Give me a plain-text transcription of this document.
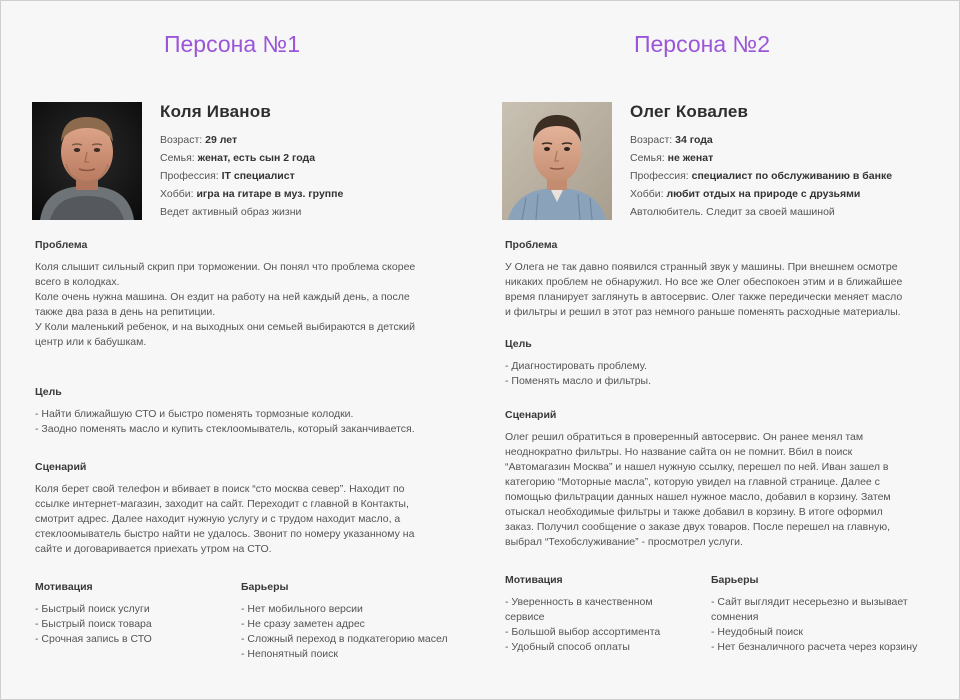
Персона №1
Коля Иванов
Возраст: 29 лет
Семья: женат, есть сын 2 года
Профессия: IT специалист
Хобби: игра на гитаре в муз. группе
Ведет активный образ жизни
Проблема

Коля слышит сильный скрип при торможении. Он понял что проблема скорее
всего в колодках.
Коле очень нужна машина. Он ездит на работу на ней каждый день, а после
также два раза в день на репитиции.
У Коли маленький ребенок, и на выходных они семьей выбираются в детский
центр или к бабушкам.

Цель
- Найти ближайшую СТО и быстро поменять тормозные колодки.
- Заодно поменять масло и купить стеклоомыватель, который заканчивается.
Сценарий

Коля берет свой телефон и вбивает в поиск “сто москва север”. Находит по
ссылке интернет-магазин, заходит на сайт. Переходит с главной в Контакты,
смотрит адрес. Далее находит нужную услугу и с трудом находит масло, а
стеклоомыватель быстро найти не удалось. Звонит по номеру указанному на
сайте и договаривается приехать утром на СТО.

Мотивация
- Быстрый поиск услуги
- Быстрый поиск товара
- Срочная запись в СТО
Барьеры
- Нет мобильного версии
- Не сразу заметен адрес
- Сложный переход в подкатегорию масел
- Непонятный поиск
Персона №2
Олег Ковалев
Возраст: 34 года
Семья: не женат
Профессия: специалист по обслуживанию в банке
Хобби: любит отдых на природе с друзьями
Автолюбитель. Следит за своей машиной
Проблема

У Олега не так давно появился странный звук у машины. При внешнем осмотре
никаких проблем не обнаружил. Но все же Олег обеспокоен этим и в ближайшее
время планирует заглянуть в автосервис. Олег также передически меняет масло
и фильтры и решил в этот раз немного раньше поменять расходные материалы.

Цель
- Диагностировать проблему.
- Поменять масло и фильтры.
Сценарий

Олег решил обратиться в проверенный автосервис. Он ранее менял там
неоднократно фильтры. Но название сайта он не помнит. Вбил в поиск
“Автомагазин Москва” и нашел нужную ссылку, перешел по ней. Иван зашел в
категорию “Моторные масла”, которую увидел на главной странице. Далее с
помощью фильтрации данных нашел нужное масло, добавил в корзину. Затем
отыскал необходимые фильтры и также добавил в корзину. В итоге оформил
заказ. Получил сообщение о заказе двух товаров. После перешел на главную,
выбрал “Техобслуживание” - просмотрел услуги.

Мотивация
- Уверенность в качественном
сервисе
- Большой выбор ассортимента
- Удобный способ оплаты
Барьеры
- Сайт выглядит несерьезно и вызывает
сомнения
- Неудобный поиск
- Нет безналичного расчета через корзину
